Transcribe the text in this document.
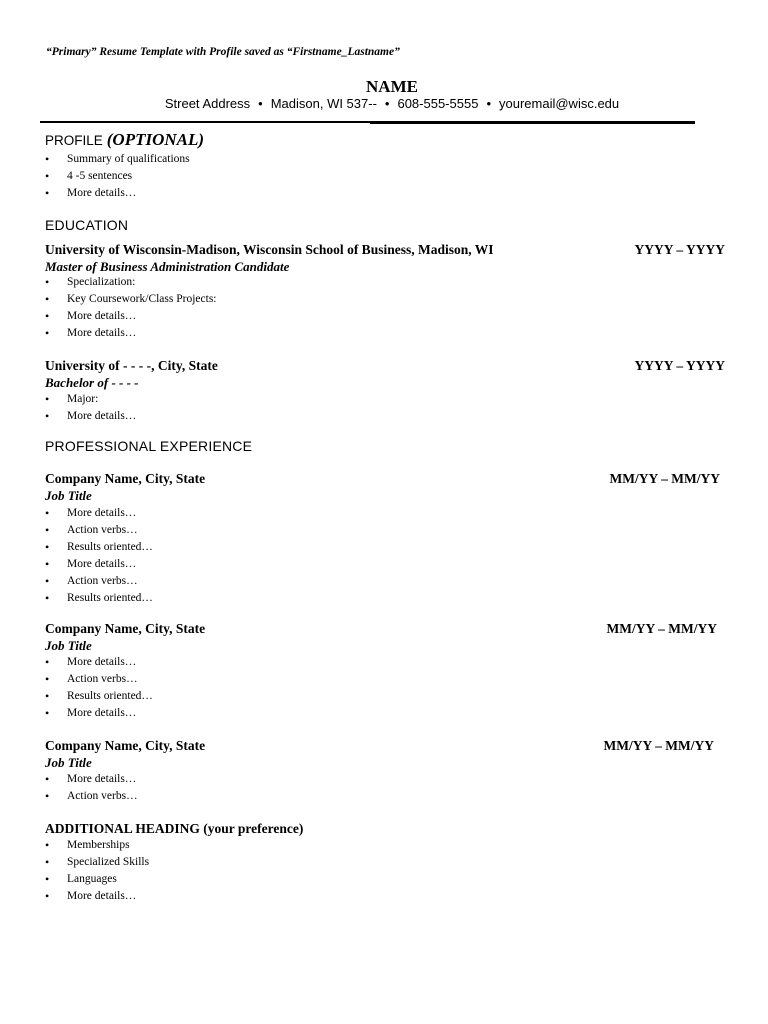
“Primary” Resume Template with Profile saved as “Firstname_Lastname”
NAME
Street Address • Madison, WI 537-- • 608-555-5555 • youremail@wisc.edu
PROFILE (OPTIONAL)
• Summary of qualifications
• 4 -5 sentences
• More details…
EDUCATION
University of Wisconsin-Madison, Wisconsin School of Business, Madison, WI	YYYY – YYYY
Master of Business Administration Candidate
• Specialization:
• Key Coursework/Class Projects:
• More details…
• More details…
University of - - - -, City, State	YYYY – YYYY
Bachelor of - - - -
• Major:
• More details…
PROFESSIONAL EXPERIENCE
Company Name, City, State	MM/YY – MM/YY
Job Title
• More details…
• Action verbs…
• Results oriented…
• More details…
• Action verbs…
• Results oriented…
Company Name, City, State	MM/YY – MM/YY
Job Title
• More details…
• Action verbs…
• Results oriented…
• More details…
Company Name, City, State	MM/YY – MM/YY
Job Title
• More details…
• Action verbs…
ADDITIONAL HEADING (your preference)
• Memberships
• Specialized Skills
• Languages
• More details…
